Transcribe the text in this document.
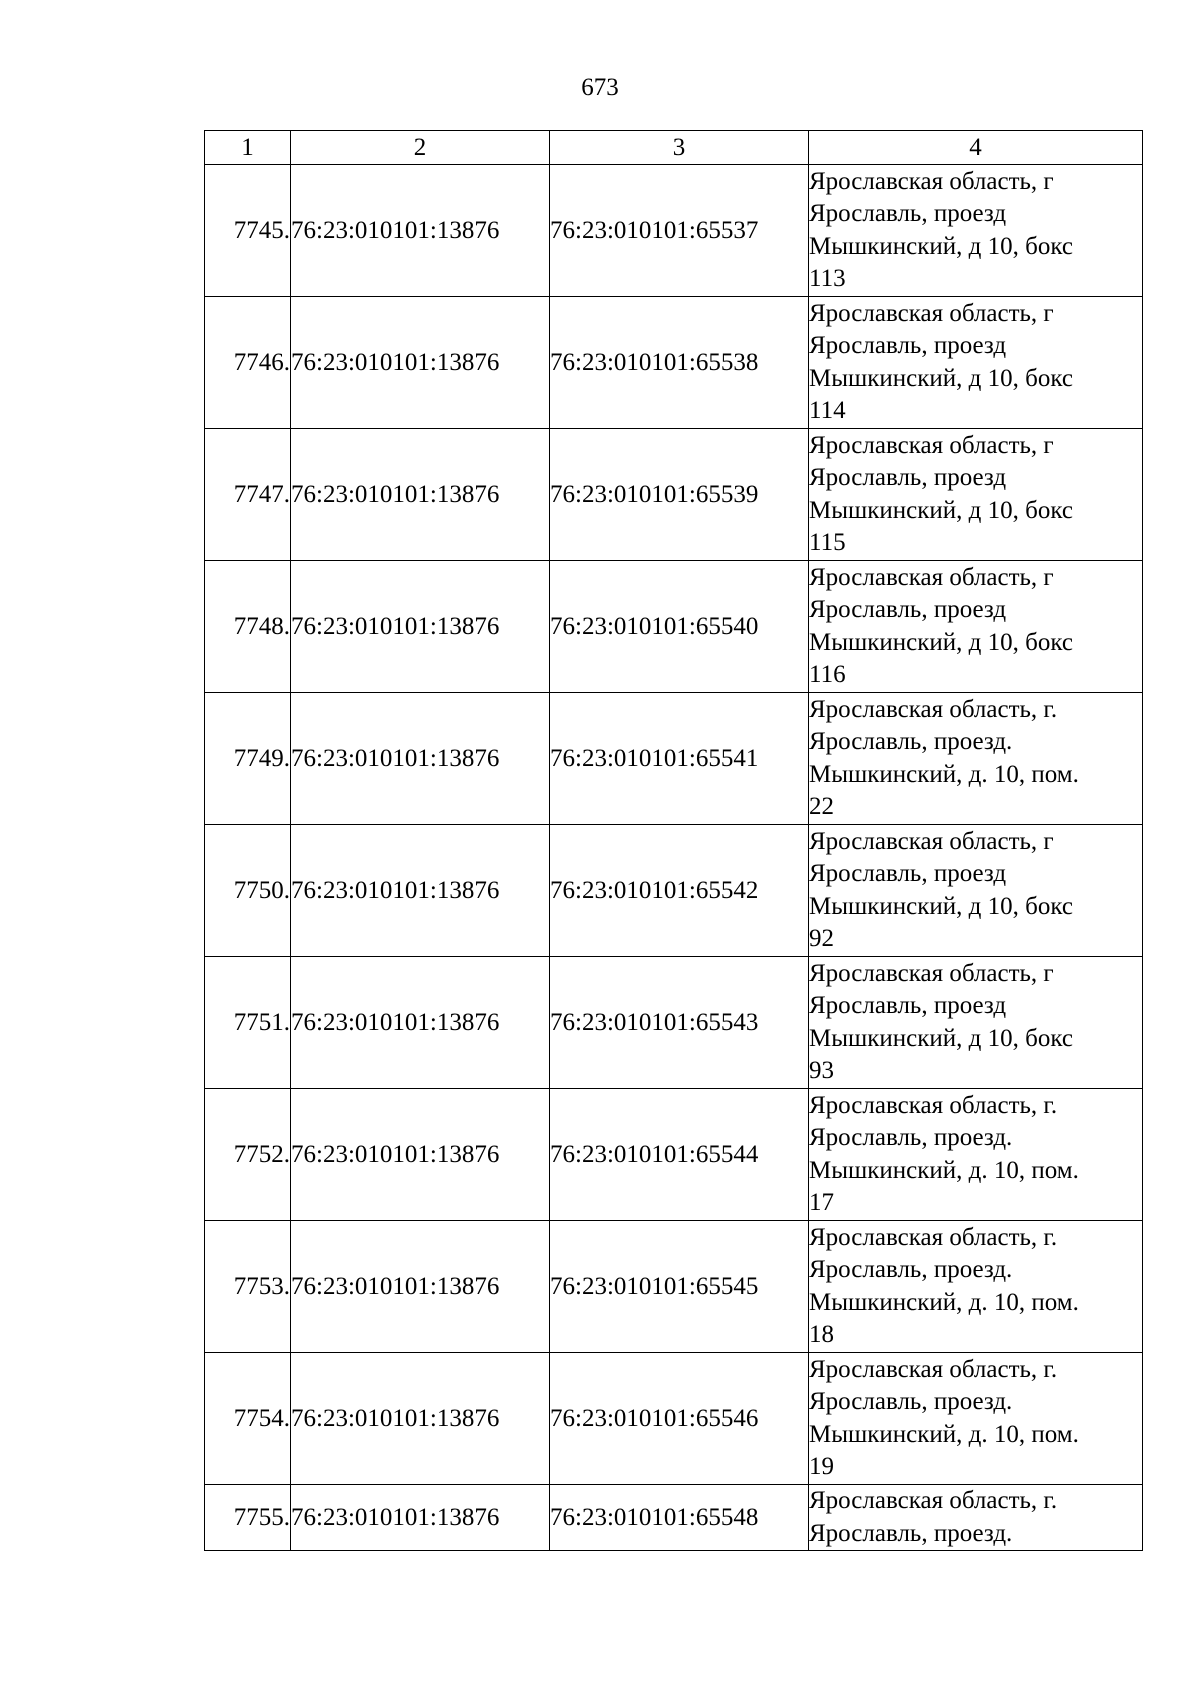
673
1	2	3	4
7745.	76:23:010101:13876	76:23:010101:65537	Ярославская область, г
Ярославль, проезд
Мышкинский, д 10, бокс
113

7746.	76:23:010101:13876	76:23:010101:65538	Ярославская область, г
Ярославль, проезд
Мышкинский, д 10, бокс
114

7747.	76:23:010101:13876	76:23:010101:65539	Ярославская область, г
Ярославль, проезд
Мышкинский, д 10, бокс
115

7748.	76:23:010101:13876	76:23:010101:65540	Ярославская область, г
Ярославль, проезд
Мышкинский, д 10, бокс
116

7749.	76:23:010101:13876	76:23:010101:65541	Ярославская область, г.
Ярославль, проезд.
Мышкинский, д. 10, пом.
22

7750.	76:23:010101:13876	76:23:010101:65542	Ярославская область, г
Ярославль, проезд
Мышкинский, д 10, бокс
92

7751.	76:23:010101:13876	76:23:010101:65543	Ярославская область, г
Ярославль, проезд
Мышкинский, д 10, бокс
93

7752.	76:23:010101:13876	76:23:010101:65544	Ярославская область, г.
Ярославль, проезд.
Мышкинский, д. 10, пом.
17

7753.	76:23:010101:13876	76:23:010101:65545	Ярославская область, г.
Ярославль, проезд.
Мышкинский, д. 10, пом.
18

7754.	76:23:010101:13876	76:23:010101:65546	Ярославская область, г.
Ярославль, проезд.
Мышкинский, д. 10, пом.
19

7755.	76:23:010101:13876	76:23:010101:65548	Ярославская область, г.
Ярославль, проезд.
